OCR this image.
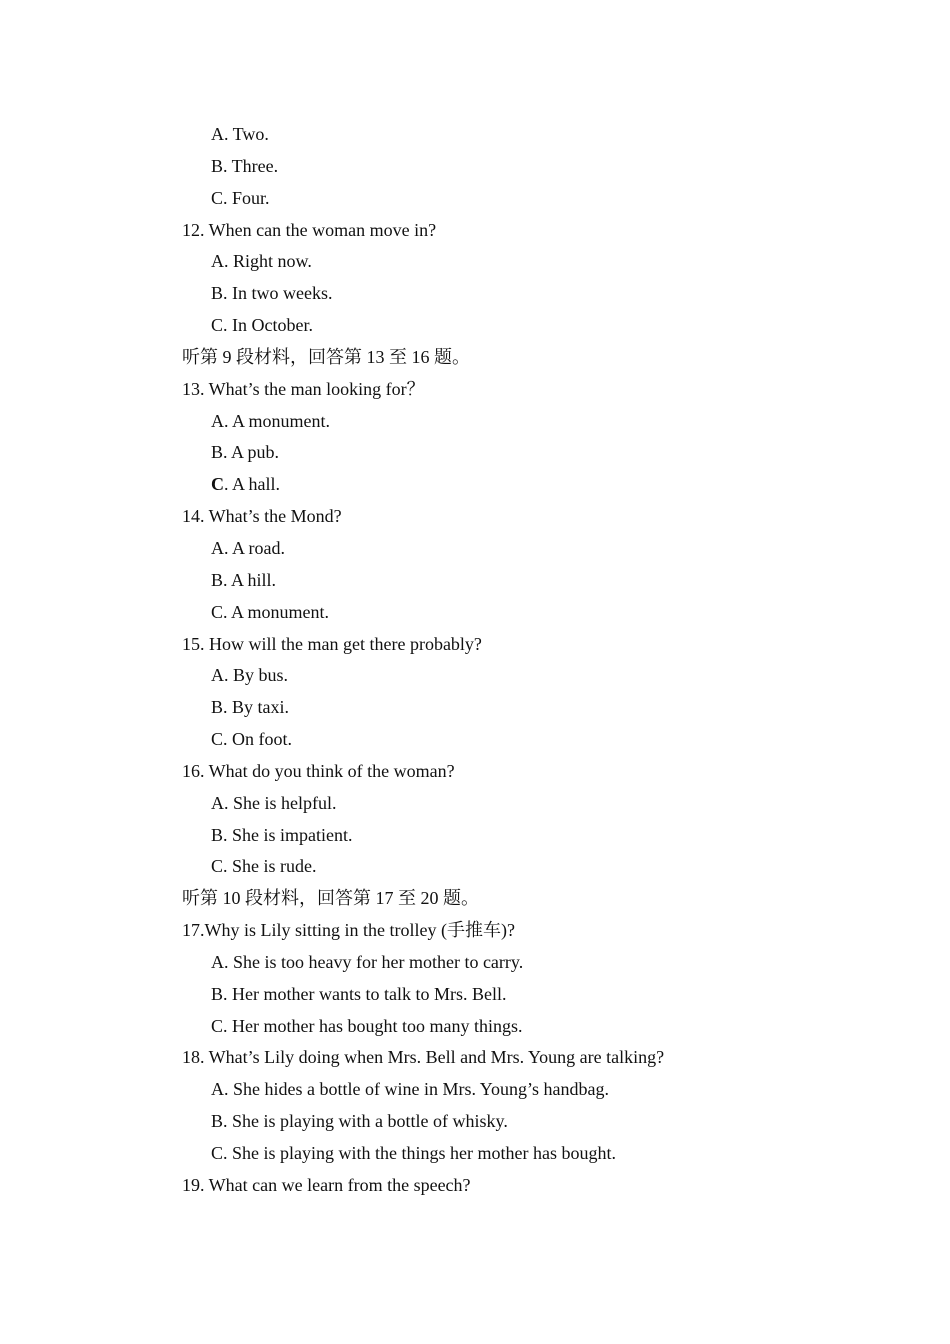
A. Two.
B. Three.
C. Four.
12. When can the woman move in?
A. Right now.
B. In two weeks.
C. In October.
听第 9 段材料，回答第 13 至 16 题。
13. What’s the man looking for？
A. A monument.
B. A pub.
C. A hall.
14. What’s the Mond?
A. A road.
B. A hill.
C. A monument.
15. How will the man get there probably?
A. By bus.
B. By taxi.
C. On foot.
16. What do you think of the woman?
A. She is helpful.
B. She is impatient.
C. She is rude.
听第 10 段材料，回答第 17 至 20 题。
17.Why is Lily sitting in the trolley (手推车)?
A. She is too heavy for her mother to carry.
B. Her mother wants to talk to Mrs. Bell.
C. Her mother has bought too many things.
18. What’s Lily doing when Mrs. Bell and Mrs. Young are talking?
A. She hides a bottle of wine in Mrs. Young’s handbag.
B. She is playing with a bottle of whisky.
C. She is playing with the things her mother has bought.
19. What can we learn from the speech?
